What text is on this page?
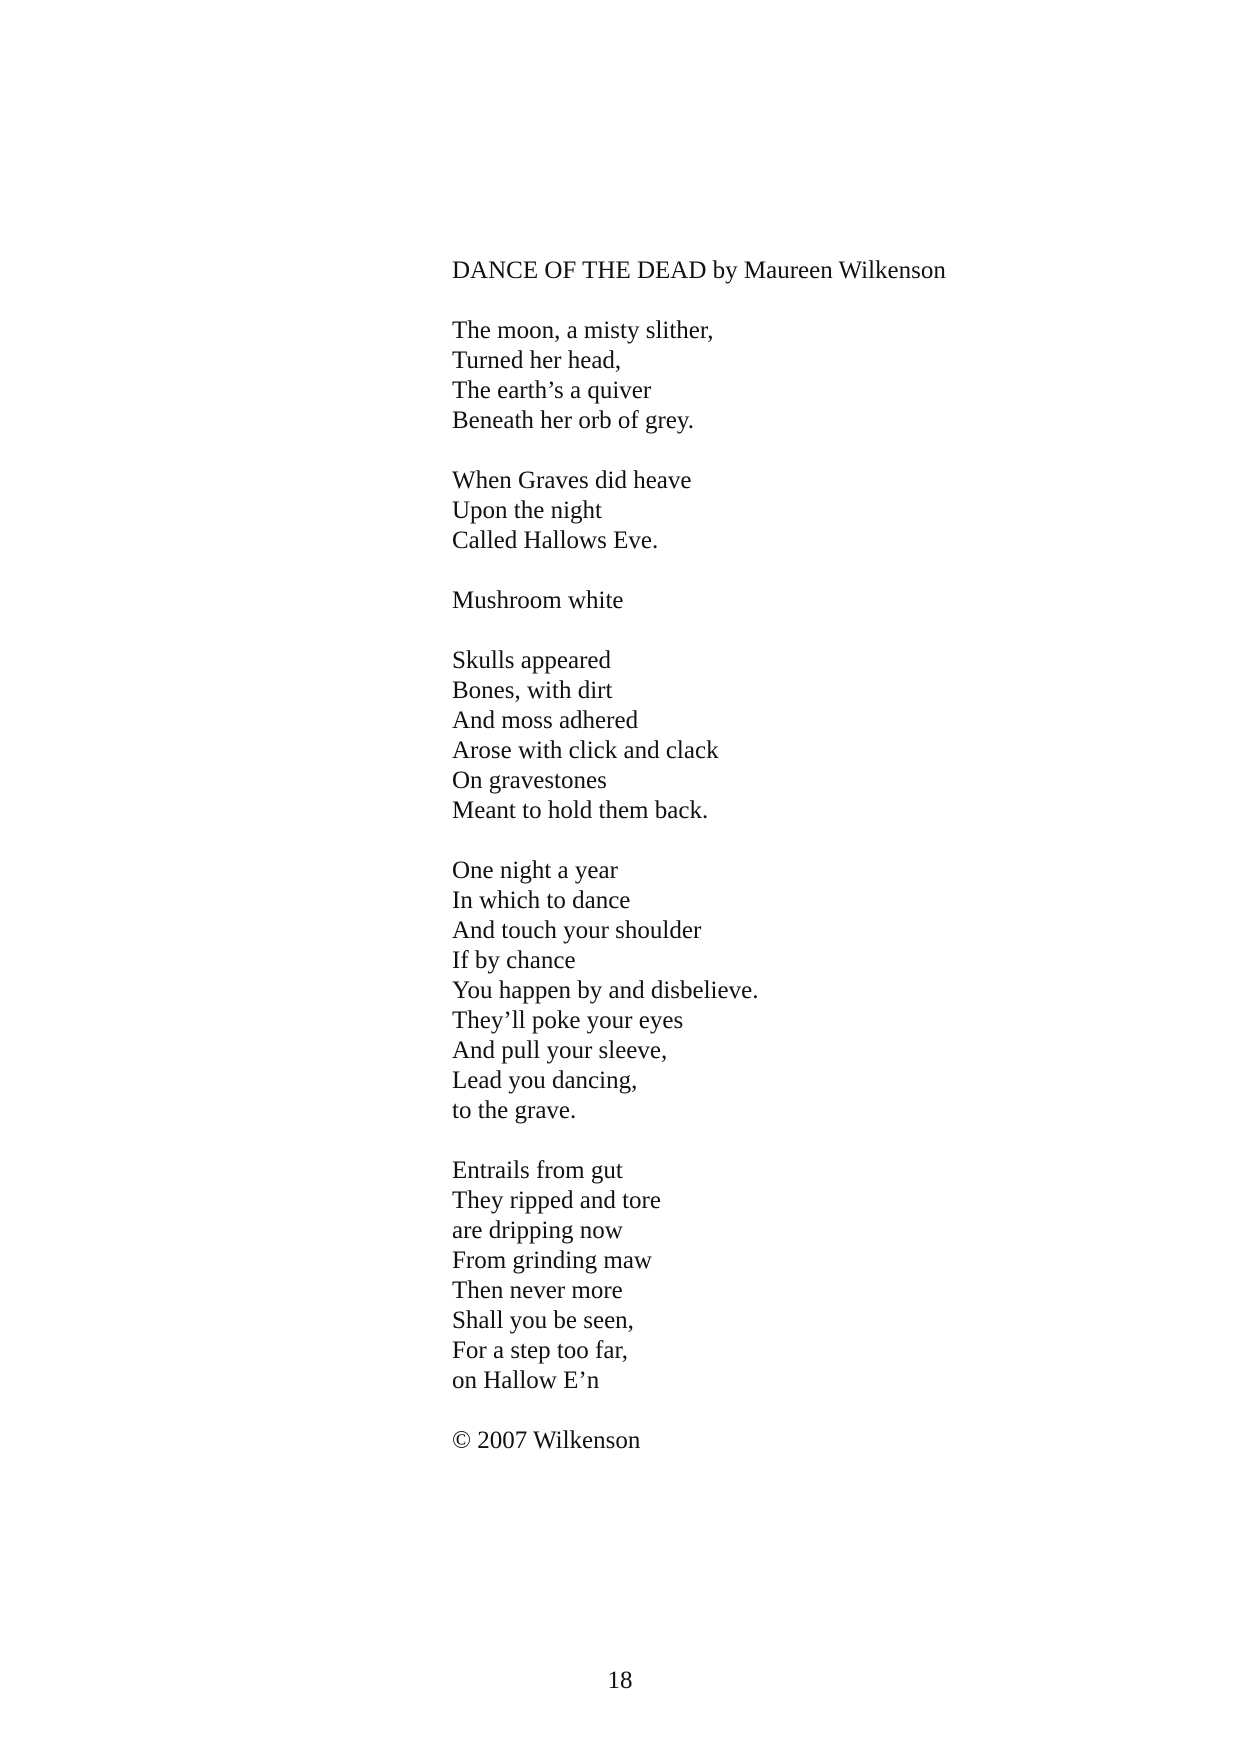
DANCE OF THE DEAD by Maureen Wilkenson
The moon, a misty slither,
Turned her head,
The earth’s a quiver
Beneath her orb of grey.
When Graves did heave
Upon the night
Called Hallows Eve.
Mushroom white
Skulls appeared
Bones, with dirt
And moss adhered
Arose with click and clack
On gravestones
Meant to hold them back.
One night a year
In which to dance
And touch your shoulder
If by chance
You happen by and disbelieve.
They’ll poke your eyes
And pull your sleeve,
Lead you dancing,
to the grave.
Entrails from gut
They ripped and tore
are dripping now
From grinding maw
Then never more
Shall you be seen,
For a step too far,
on Hallow E’n

© 2007 Wilkenson

18
